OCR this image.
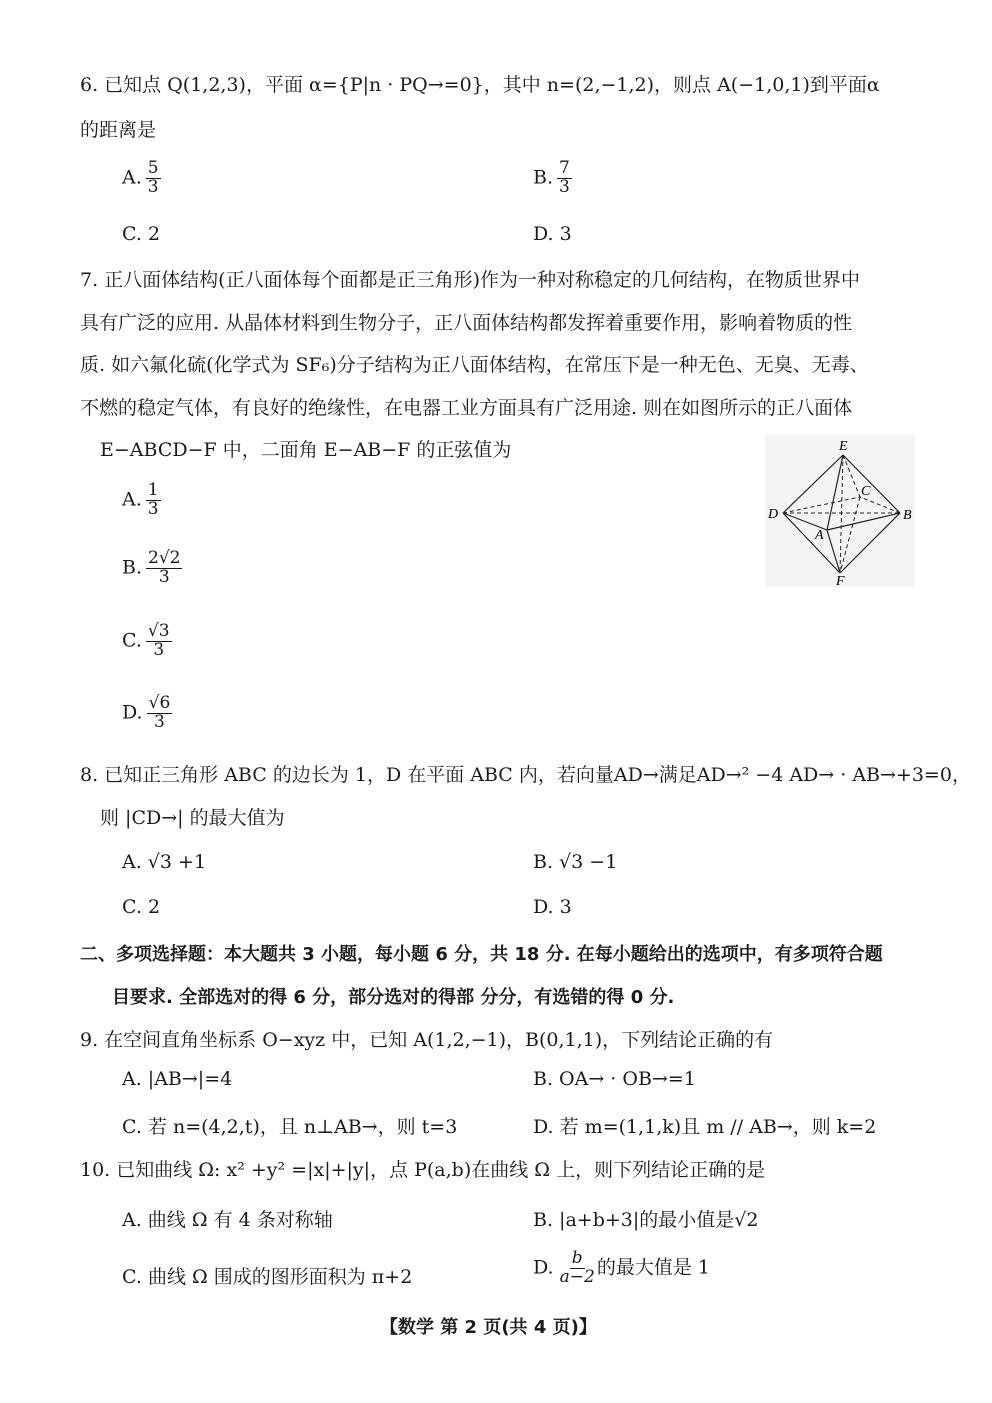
6. 已知点 Q(1,2,3)，平面 α={P|n · PQ→=0}，其中 n=(2,−1,2)，则点 A(−1,0,1)到平面α
的距离是
A. $\frac{5}{3}$	B. $\frac{7}{3}$
C. 2	D. 3
7. 正八面体结构(正八面体每个面都是正三角形)作为一种对称稳定的几何结构，在物质世界中
具有广泛的应用. 从晶体材料到生物分子，正八面体结构都发挥着重要作用，影响着物质的性
质. 如六氟化硫(化学式为 SF₆)分子结构为正八面体结构，在常压下是一种无色、无臭、无毒、
不燃的稳定气体，有良好的绝缘性，在电器工业方面具有广泛用途. 则在如图所示的正八面体
E−ABCD−F 中，二面角 E−AB−F 的正弦值为
A. $\frac{1}{3}$
B. $\frac{2√2}{3}$
C. $\frac{√3}{3}$
D. $\frac{√6}{3}$
E
C
D	B
A
F
8. 已知正三角形 ABC 的边长为 1，D 在平面 ABC 内，若向量AD→满足AD→² −4 AD→ · AB→+3=0，
则 |CD→| 的最大值为
A. √3 +1	B. √3 −1
C. 2	D. 3
二、多项选择题：本大题共 3 小题，每小题 6 分，共 18 分. 在每小题给出的选项中，有多项符合题
目要求. 全部选对的得 6 分，部分选对的得部 分分，有选错的得 0 分.
9. 在空间直角坐标系 O−xyz 中，已知 A(1,2,−1)，B(0,1,1)，下列结论正确的有
A. |AB→|=4	B. OA→ · OB→=1
C. 若 n=(4,2,t)，且 n⊥AB→，则 t=3	D. 若 m=(1,1,k)且 m // AB→，则 k=2
10. 已知曲线 Ω: x² +y² =|x|+|y|，点 P(a,b)在曲线 Ω 上，则下列结论正确的是
A. 曲线 Ω 有 4 条对称轴	B. |a+b+3|的最小值是√2
C. 曲线 Ω 围成的图形面积为 π+2	D. $\frac{b}{a-2}$ 的最大值是 1
【数学 第 2 页(共 4 页)】
